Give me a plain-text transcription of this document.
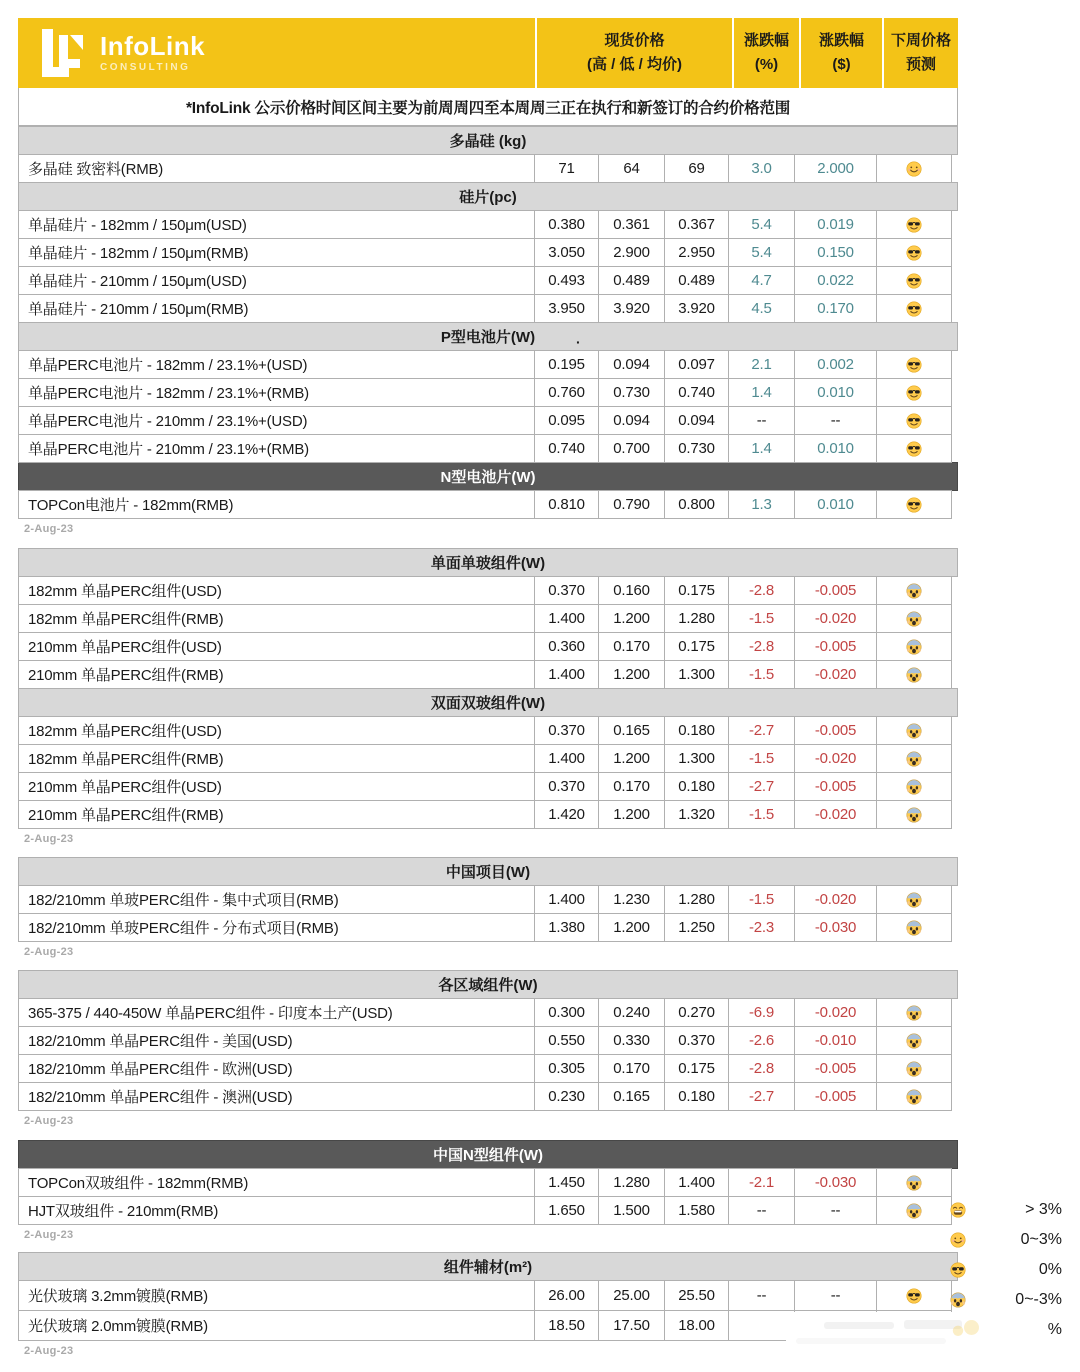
InfoLink
CONSULTING
现货价格
(高 / 低 / 均价)
涨跌幅
(%)
涨跌幅
($)
下周价格
预测
*InfoLink 公示价格时间区间主要为前周周四至本周周三正在执行和新签订的合约价格范围
多晶硅 (kg)
多晶硅 致密料(RMB)	71	64	69	3.0	2.000
硅片(pc)
单晶硅片 - 182mm / 150μm(USD)	0.380	0.361	0.367	5.4	0.019
单晶硅片 - 182mm / 150μm(RMB)	3.050	2.900	2.950	5.4	0.150
单晶硅片 - 210mm / 150μm(USD)	0.493	0.489	0.489	4.7	0.022
单晶硅片 - 210mm / 150μm(RMB)	3.950	3.920	3.920	4.5	0.170
P型电池片(W)
单晶PERC电池片 - 182mm / 23.1%+(USD)	0.195	0.094	0.097	2.1	0.002
单晶PERC电池片 - 182mm / 23.1%+(RMB)	0.760	0.730	0.740	1.4	0.010
单晶PERC电池片 - 210mm / 23.1%+(USD)	0.095	0.094	0.094	--	--
单晶PERC电池片 - 210mm / 23.1%+(RMB)	0.740	0.700	0.730	1.4	0.010
N型电池片(W)
TOPCon电池片 - 182mm(RMB)	0.810	0.790	0.800	1.3	0.010
2-Aug-23
单面单玻组件(W)
182mm 单晶PERC组件(USD)	0.370	0.160	0.175	-2.8	-0.005
182mm 单晶PERC组件(RMB)	1.400	1.200	1.280	-1.5	-0.020
210mm 单晶PERC组件(USD)	0.360	0.170	0.175	-2.8	-0.005
210mm 单晶PERC组件(RMB)	1.400	1.200	1.300	-1.5	-0.020
双面双玻组件(W)
182mm 单晶PERC组件(USD)	0.370	0.165	0.180	-2.7	-0.005
182mm 单晶PERC组件(RMB)	1.400	1.200	1.300	-1.5	-0.020
210mm 单晶PERC组件(USD)	0.370	0.170	0.180	-2.7	-0.005
210mm 单晶PERC组件(RMB)	1.420	1.200	1.320	-1.5	-0.020
2-Aug-23
中国项目(W)
182/210mm 单玻PERC组件 - 集中式项目(RMB)	1.400	1.230	1.280	-1.5	-0.020
182/210mm 单玻PERC组件 - 分布式项目(RMB)	1.380	1.200	1.250	-2.3	-0.030
2-Aug-23
各区域组件(W)
365-375 / 440-450W 单晶PERC组件 - 印度本土产(USD)	0.300	0.240	0.270	-6.9	-0.020
182/210mm 单晶PERC组件 - 美国(USD)	0.550	0.330	0.370	-2.6	-0.010
182/210mm 单晶PERC组件 - 欧洲(USD)	0.305	0.170	0.175	-2.8	-0.005
182/210mm 单晶PERC组件 - 澳洲(USD)	0.230	0.165	0.180	-2.7	-0.005
2-Aug-23
中国N型组件(W)
TOPCon双玻组件 - 182mm(RMB)	1.450	1.280	1.400	-2.1	-0.030
HJT双玻组件 - 210mm(RMB)	1.650	1.500	1.580	--	--
2-Aug-23
组件辅材(m²)
光伏玻璃 3.2mm镀膜(RMB)	26.00	25.00	25.50	--	--
光伏玻璃 2.0mm镀膜(RMB)	18.50	17.50	18.00
2-Aug-23
> 3%
0~3%
0%
0~-3%
%
·
